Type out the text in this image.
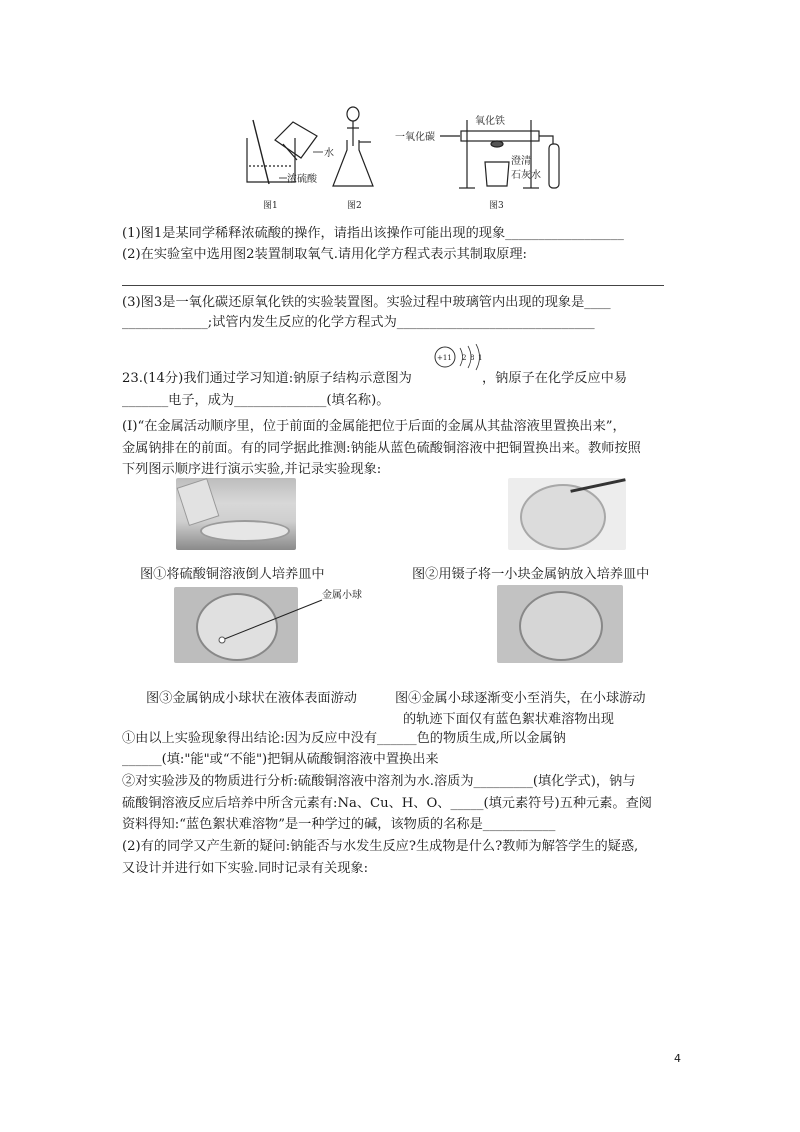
水
浓硫酸
图1	图2
一氧化碳
氧化铁
澄清
石灰水
图3
(1)图1是某同学稀释浓硫酸的操作，请指出该操作可能出现的现象__________________
(2)在实验室中选用图2装置制取氧气.请用化学方程式表示其制取原理:
(3)图3是一氧化碳还原氧化铁的实验装置图。实验过程中玻璃管内出现的现象是____
_____________;试管内发生反应的化学方程式为______________________________
23.(14分)我们通过学习知道:钠原子结构示意图为
+11 2 8 1
，钠原子在化学反应中易
_______电子，成为______________(填名称)。
(I)“在金属活动顺序里，位于前面的金属能把位于后面的金属从其盐溶液里置换出来”，
金属钠排在的前面。有的同学据此推测:钠能从蓝色硫酸铜溶液中把铜置换出来。教师按照
下列图示顺序进行演示实验,并记录实验现象:
图①将硫酸铜溶液倒人培养皿中	图②用镊子将一小块金属钠放入培养皿中
金属小球
图③金属钠成小球状在液体表面游动	图④金属小球逐渐变小至消失，在小球游动
的轨迹下面仅有蓝色絮状难溶物出现
①由以上实验现象得出结论:因为反应中没有______色的物质生成,所以金属钠
______(填:"能"或“不能")把铜从硫酸铜溶液中置换出来
②对实验涉及的物质进行分析:硫酸铜溶液中溶剂为水.溶质为_________(填化学式)，钠与
硫酸铜溶液反应后培养中所含元素有:Na、Cu、H、O、_____(填元素符号)五种元素。查阅
资料得知:“蓝色絮状难溶物”是一种学过的碱，该物质的名称是___________
(2)有的同学又产生新的疑问:钠能否与水发生反应?生成物是什么?教师为解答学生的疑惑,
又设计并进行如下实验.同时记录有关现象:
4
